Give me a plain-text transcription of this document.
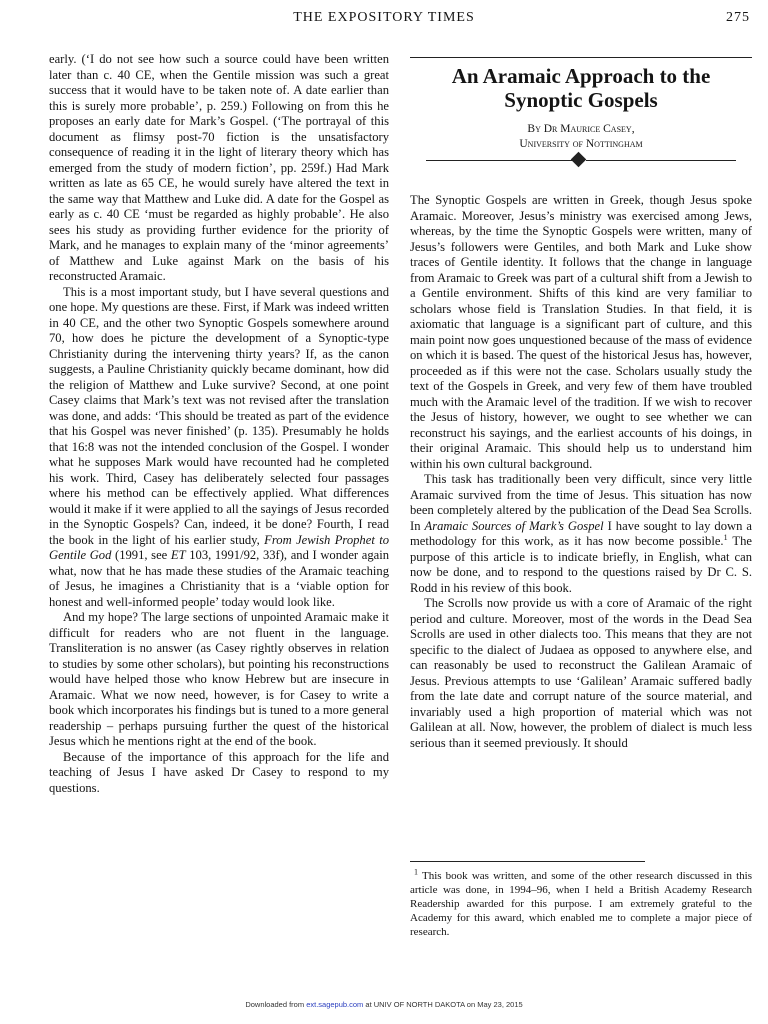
THE EXPOSITORY TIMES	275

early. (‘I do not see how such a source could have been written later than c. 40 CE, when the Gentile mission was such a great success that it would have to be taken note of. A date earlier than this is surely more probable’, p. 259.) Following on from this he proposes an early date for Mark’s Gospel. (‘The portrayal of this document as flimsy post-70 fiction is the unsatisfactory consequence of reading it in the light of literary theory which has emerged from the study of modern fiction’, pp. 259f.) Had Mark written as late as 65 CE, he would surely have altered the text in the same way that Matthew and Luke did. A date for the Gospel as early as c. 40 CE ‘must be regarded as highly probable’. He also sees his study as providing further evidence for the priority of Mark, and he manages to explain many of the ‘minor agreements’ of Matthew and Luke against Mark on the basis of his reconstructed Aramaic.

This is a most important study, but I have several questions and one hope. My questions are these. First, if Mark was indeed written in 40 CE, and the other two Synoptic Gospels somewhere around 70, how does he picture the development of a Synoptic-type Christianity during the intervening thirty years? If, as the canon suggests, a Pauline Christianity quickly became dominant, how did the religion of Matthew and Luke survive? Second, at one point Casey claims that Mark’s text was not revised after the translation was done, and adds: ‘This should be treated as part of the evidence that his Gospel was never finished’ (p. 135). Presumably he holds that 16:8 was not the intended conclusion of the Gospel. I wonder what he supposes Mark would have recounted had he completed his work. Third, Casey has deliberately selected four passages where his method can be effectively applied. What differences would it make if it were applied to all the sayings of Jesus recorded in the Synoptic Gospels? Can, indeed, it be done? Fourth, I read the book in the light of his earlier study, From Jewish Prophet to Gentile God (1991, see ET 103, 1991/92, 33f), and I wonder again what, now that he has made these studies of the Aramaic teaching of Jesus, he imagines a Christianity that is a ‘viable option for honest and well-informed people’ today would look like.

And my hope? The large sections of unpointed Aramaic make it difficult for readers who are not fluent in the language. Transliteration is no answer (as Casey rightly observes in relation to studies by some other scholars), but pointing his reconstructions would have helped those who know Hebrew but are insecure in Aramaic. What we now need, however, is for Casey to write a book which incorporates his findings but is tuned to a more general readership – perhaps pursuing further the quest of the historical Jesus which he mentions right at the end of the book.

Because of the importance of this approach for the life and teaching of Jesus I have asked Dr Casey to respond to my questions.

An Aramaic Approach to the Synoptic Gospels
By Dr Maurice Casey,
University of Nottingham

The Synoptic Gospels are written in Greek, though Jesus spoke Aramaic. Moreover, Jesus’s ministry was exercised among Jews, whereas, by the time the Synoptic Gospels were written, many of Jesus’s followers were Gentiles, and both Mark and Luke show traces of Gentile identity. It follows that the change in language from Aramaic to Greek was part of a cultural shift from a Jewish to a Gentile environment. Shifts of this kind are very familiar to scholars whose field is Translation Studies. In that field, it is axiomatic that language is a significant part of culture, and this main point now goes unquestioned because of the mass of evidence on which it is based. The quest of the historical Jesus has, however, proceeded as if this were not the case. Scholars usually study the text of the Gospels in Greek, and very few of them have troubled much with the Aramaic level of the tradition. If we wish to recover the Jesus of history, however, we ought to see whether we can reconstruct his sayings, and the earliest accounts of his doings, in their original Aramaic. This should help us to understand him within his own cultural background.

This task has traditionally been very difficult, since very little Aramaic survived from the time of Jesus. This situation has now been completely altered by the publication of the Dead Sea Scrolls. In Aramaic Sources of Mark’s Gospel I have sought to lay down a methodology for this work, as it has now become possible.$^1$ The purpose of this article is to indicate briefly, in English, what can now be done, and to respond to the questions raised by Dr C. S. Rodd in his review of this book.

The Scrolls now provide us with a core of Aramaic of the right period and culture. Moreover, most of the words in the Dead Sea Scrolls are used in other dialects too. This means that they are not specific to the dialect of Judaea as opposed to anywhere else, and can reasonably be used to reconstruct the Galilean Aramaic of Jesus. Previous attempts to use ‘Galilean’ Aramaic suffered badly from the late date and corrupt nature of the source material, and invariably used a high proportion of material which was not Galilean at all. Now, however, the problem of dialect is much less serious than it seemed previously. It should

$^1$ This book was written, and some of the other research discussed in this article was done, in 1994–96, when I held a British Academy Research Readership awarded for this purpose. I am extremely grateful to the Academy for this award, which enabled me to complete a major piece of research.

Downloaded from ext.sagepub.com at UNIV OF NORTH DAKOTA on May 23, 2015
